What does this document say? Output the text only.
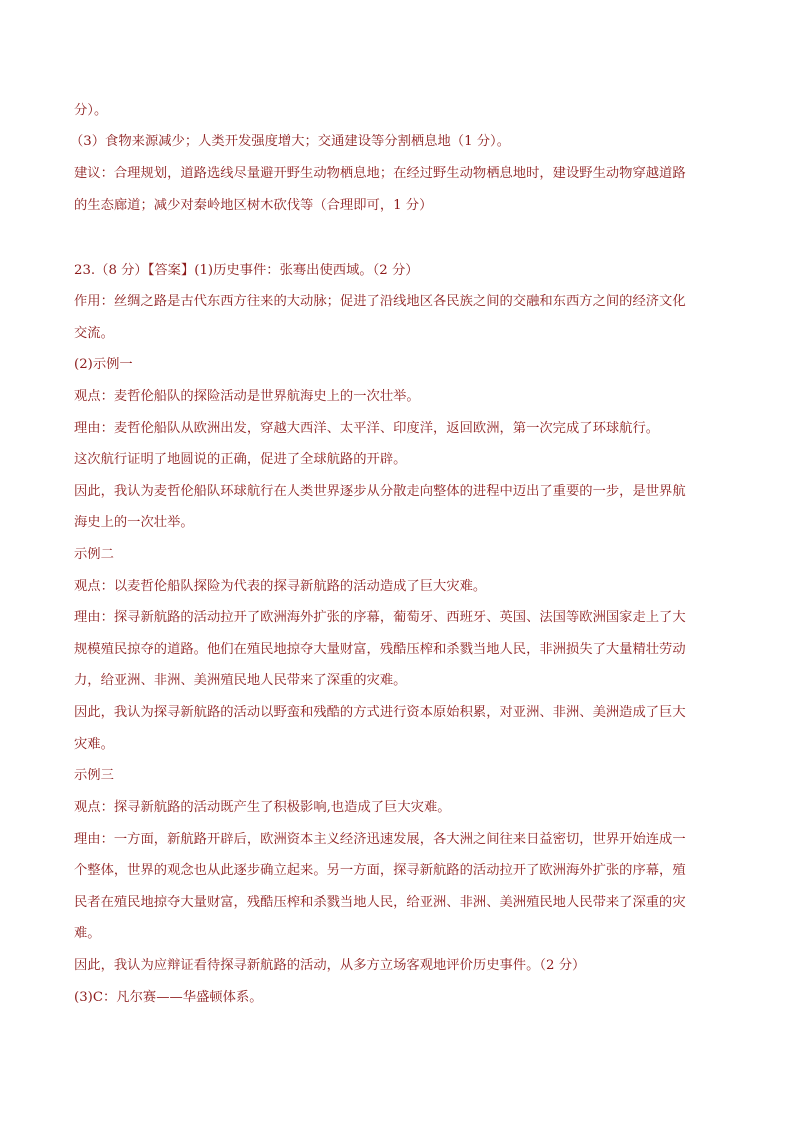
分）。
（3）食物来源减少；人类开发强度增大；交通建设等分割栖息地（1 分）。
建议：合理规划，道路选线尽量避开野生动物栖息地；在经过野生动物栖息地时，建设野生动物穿越道路
的生态廊道；减少对秦岭地区树木砍伐等（合理即可，1 分）
23.（8 分）【答案】(1)历史事件：张骞出使西域。（2 分）
作用：丝绸之路是古代东西方往来的大动脉；促进了沿线地区各民族之间的交融和东西方之间的经济文化
交流。
(2)示例一
观点：麦哲伦船队的探险活动是世界航海史上的一次壮举。
理由：麦哲伦船队从欧洲出发，穿越大西洋、太平洋、印度洋，返回欧洲，第一次完成了环球航行。
这次航行证明了地圆说的正确，促进了全球航路的开辟。
因此，我认为麦哲伦船队环球航行在人类世界逐步从分散走向整体的进程中迈出了重要的一步，是世界航
海史上的一次壮举。
示例二
观点：以麦哲伦船队探险为代表的探寻新航路的活动造成了巨大灾难。
理由：探寻新航路的活动拉开了欧洲海外扩张的序幕，葡萄牙、西班牙、英国、法国等欧洲国家走上了大
规模殖民掠夺的道路。他们在殖民地掠夺大量财富，残酷压榨和杀戮当地人民，非洲损失了大量精壮劳动
力，给亚洲、非洲、美洲殖民地人民带来了深重的灾难。
因此，我认为探寻新航路的活动以野蛮和残酷的方式进行资本原始积累，对亚洲、非洲、美洲造成了巨大
灾难。
示例三
观点：探寻新航路的活动既产生了积极影响,也造成了巨大灾难。
理由：一方面，新航路开辟后，欧洲资本主义经济迅速发展，各大洲之间往来日益密切，世界开始连成一
个整体，世界的观念也从此逐步确立起来。另一方面，探寻新航路的活动拉开了欧洲海外扩张的序幕，殖
民者在殖民地掠夺大量财富，残酷压榨和杀戮当地人民，给亚洲、非洲、美洲殖民地人民带来了深重的灾
难。
因此，我认为应辩证看待探寻新航路的活动，从多方立场客观地评价历史事件。（2 分）
(3)C：凡尔赛——华盛顿体系。
